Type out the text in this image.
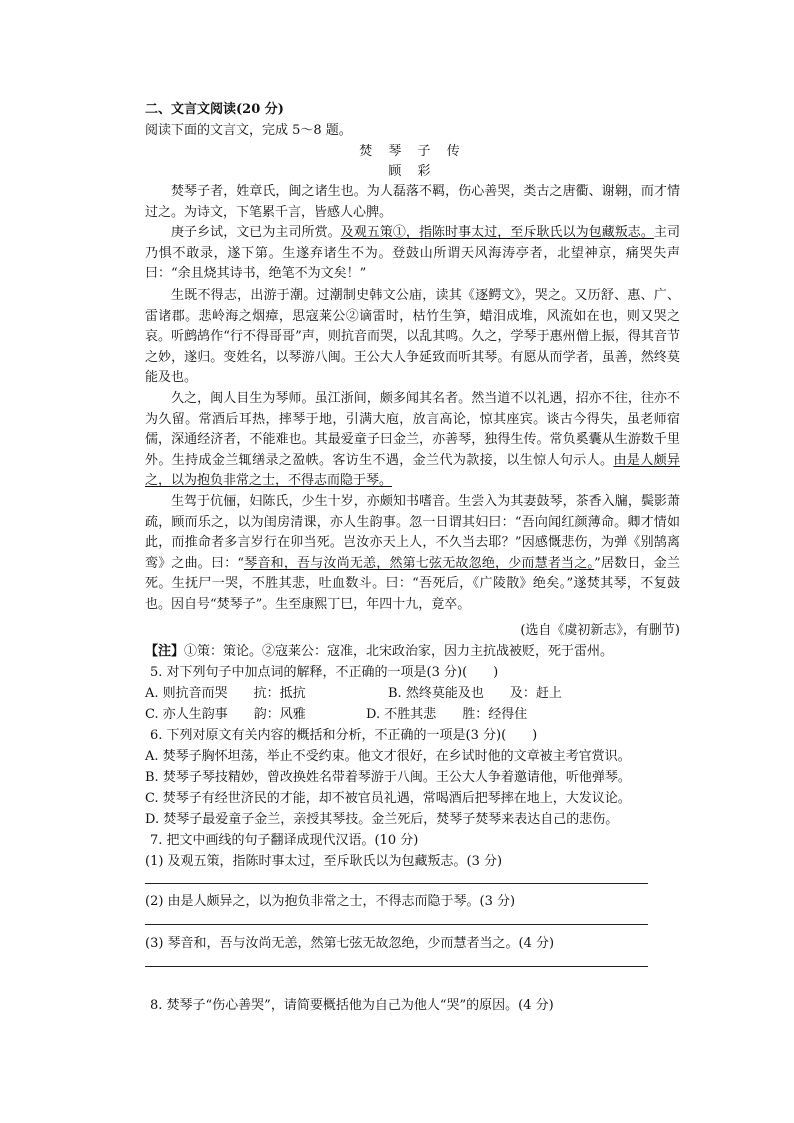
二、文言文阅读(20 分)
阅读下面的文言文，完成 5～8 题。
焚 琴 子 传
顾 彩
焚琴子者，姓章氏，闽之诸生也。为人磊落不羁，伤心善哭，类古之唐衢、谢翱，而才情过之。为诗文，下笔累千言，皆感人心脾。
庚子乡试，文已为主司所赏。及观五策①，指陈时事太过，至斥耿氏以为包藏叛志。主司乃惧不敢录，遂下第。生遂弃诸生不为。登鼓山所谓天风海涛亭者，北望神京，痛哭失声曰：“余且烧其诗书，绝笔不为文矣！”
生既不得志，出游于潮。过潮制史韩文公庙，读其《逐鳄文》，哭之。又历舒、惠、广、雷诸郡。悲岭海之烟瘴，思寇莱公②谪雷时，枯竹生笋，蜡泪成堆，风流如在也，则又哭之哀。听鹧鸪作“行不得哥哥”声，则抗音而哭，以乱其鸣。久之，学琴于惠州僧上振，得其音节之妙，遂归。变姓名，以琴游八闽。王公大人争延致而听其琴。有愿从而学者，虽善，然终莫能及也。
久之，闽人目生为琴师。虽江浙间，颇多闻其名者。然当道不以礼遇，招亦不往，往亦不为久留。常酒后耳热，摔琴于地，引满大庖，放言高论，惊其座宾。谈古今得失，虽老师宿儒，深通经济者，不能难也。其最爱童子曰金兰，亦善琴，独得生传。常负奚囊从生游数千里外。生持成金兰辄缮录之盈帙。客访生不遇，金兰代为款接，以生惊人句示人。由是人颇异之，以为抱负非常之士，不得志而隐于琴。
生驾于伉俪，妇陈氏，少生十岁，亦颇知书嗜音。生尝入为其妻鼓琴，茶香入牖，鬓影萧疏，顾而乐之，以为闺房清课，亦人生韵事。忽一日谓其妇曰：“吾向闻红颜薄命。卿才情如此，而推命者多言岁行在卯当死。岂汝亦天上人，不久当去耶？”因感慨悲伤，为弹《别鹄离鸾》之曲。曰：“琴音和，吾与汝尚无恙，然第七弦无故忽绝，少而慧者当之。”居数日，金兰死。生抚尸一哭，不胜其悲，吐血数斗。曰：“吾死后，《广陵散》绝矣。”遂焚其琴，不复鼓也。因自号“焚琴子”。生至康熙丁巳，年四十九，竟卒。
(选自《虞初新志》，有删节)
【注】①策：策论。②寇莱公：寇准，北宋政治家，因力主抗战被贬，死于雷州。
5. 对下列句子中加点词的解释，不正确的一项是(3 分)(　　)
A. 则抗音而哭　　抗：抵抗	B. 然终莫能及也　　及：赶上
C. 亦人生韵事　　韵：风雅	D. 不胜其悲　　胜：经得住
6. 下列对原文有关内容的概括和分析，不正确的一项是(3 分)(　　)
A. 焚琴子胸怀坦荡，举止不受约束。他文才很好，在乡试时他的文章被主考官赏识。
B. 焚琴子琴技精妙，曾改换姓名带着琴游于八闽。王公大人争着邀请他，听他弹琴。
C. 焚琴子有经世济民的才能，却不被官员礼遇，常喝酒后把琴摔在地上，大发议论。
D. 焚琴子最爱童子金兰，亲授其琴技。金兰死后，焚琴子焚琴来表达自己的悲伤。
7. 把文中画线的句子翻译成现代汉语。(10 分)
(1) 及观五策，指陈时事太过，至斥耿氏以为包藏叛志。(3 分)
(2) 由是人颇异之，以为抱负非常之士，不得志而隐于琴。(3 分)
(3) 琴音和，吾与汝尚无恙，然第七弦无故忽绝，少而慧者当之。(4 分)
8. 焚琴子“伤心善哭”，请简要概括他为自己为他人“哭”的原因。(4 分)
